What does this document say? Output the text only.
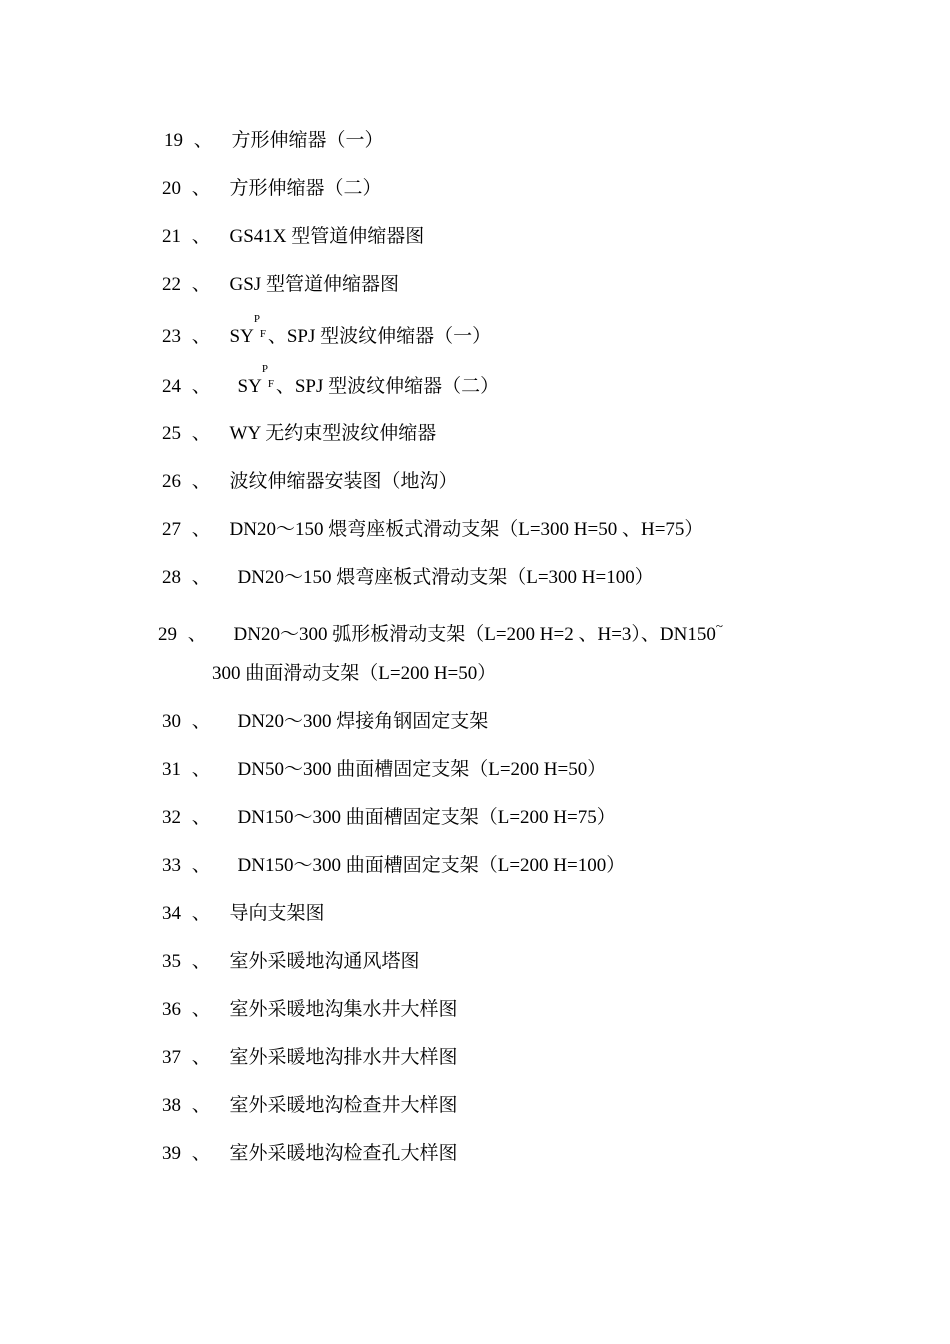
19 、 方形伸缩器（一）
20 、 方形伸缩器（二）
21 、 GS41X 型管道伸缩器图
22 、 GSJ 型管道伸缩器图
23 、 SY
P
F 、SPJ 型波纹伸缩器（一）
24 、 SY
P
F 、SPJ 型波纹伸缩器（二）
25 、 WY 无约束型波纹伸缩器
26 、 波纹伸缩器安装图（地沟）
27 、 DN20～150 煨弯座板式滑动支架（L=300 H=50 、H=75）
28 、 DN20～150 煨弯座板式滑动支架（L=300 H=100）
29 、 DN20～300 弧形板滑动支架（L=200 H=2 、H=3）、DN150~
300 曲面滑动支架（L=200 H=50）
30 、 DN20～300 焊接角钢固定支架
31 、 DN50～300 曲面槽固定支架（L=200 H=50）
32 、 DN150～300 曲面槽固定支架（L=200 H=75）
33 、 DN150～300 曲面槽固定支架（L=200 H=100）
34 、 导向支架图
35 、 室外采暖地沟通风塔图
36 、 室外采暖地沟集水井大样图
37 、 室外采暖地沟排水井大样图
38 、 室外采暖地沟检查井大样图
39 、 室外采暖地沟检查孔大样图
